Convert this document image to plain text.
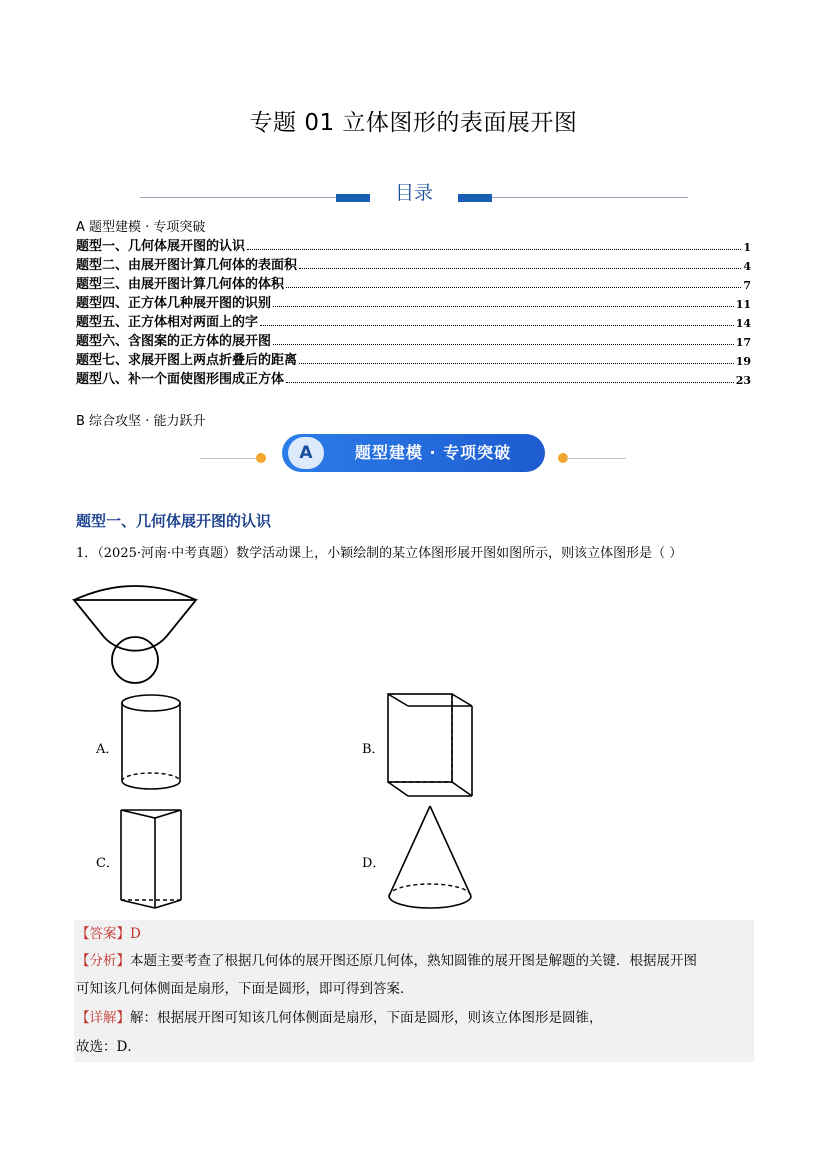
专题 01 立体图形的表面展开图
目录
A 题型建模 · 专项突破
题型一、几何体展开图的认识	1
题型二、由展开图计算几何体的表面积	4
题型三、由展开图计算几何体的体积	7
题型四、正方体几种展开图的识别	11
题型五、正方体相对两面上的字	14
题型六、含图案的正方体的展开图	17
题型七、求展开图上两点折叠后的距离	19
题型八、补一个面使图形围成正方体	23
B 综合攻坚 · 能力跃升
A	题型建模 · 专项突破
题型一、几何体展开图的认识
1．（2025·河南·中考真题）数学活动课上，小颖绘制的某立体图形展开图如图所示，则该立体图形是（ ）
A．	B．
C．	D．
【答案】D
【分析】本题主要考查了根据几何体的展开图还原几何体，熟知圆锥的展开图是解题的关键．根据展开图
可知该几何体侧面是扇形，下面是圆形，即可得到答案．
【详解】解：根据展开图可知该几何体侧面是扇形，下面是圆形，则该立体图形是圆锥，
故选：D．
